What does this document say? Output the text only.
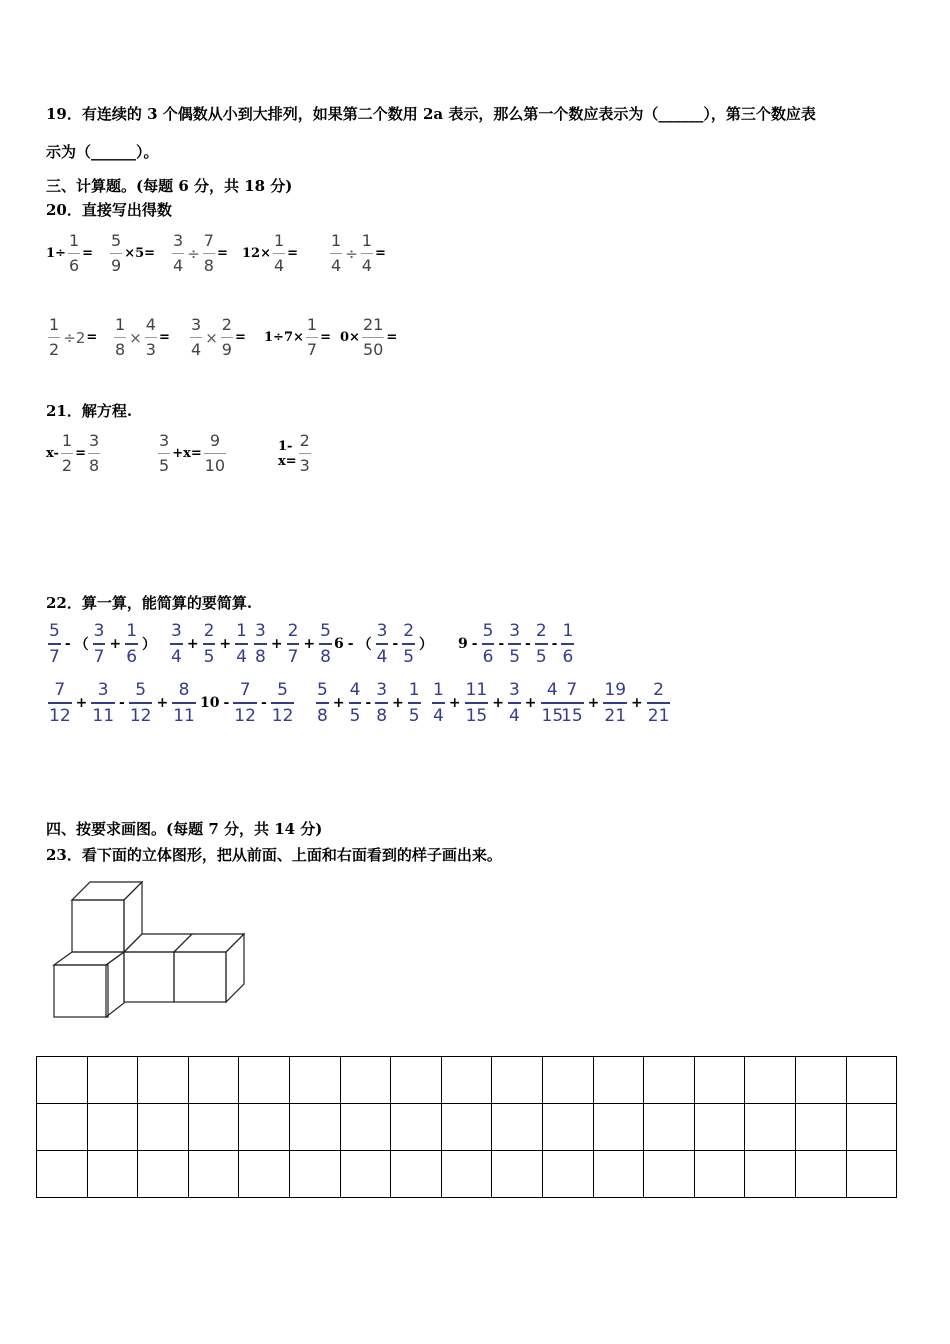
19．有连续的 3 个偶数从小到大排列，如果第二个数用 2a 表示，那么第一个数应表示为（______），第三个数应表
示为（______）。
三、计算题。(每题 6 分，共 18 分)
20．直接写出得数
1÷
1
6
=
5
9
×5=
3
4
÷
7
8
= 12×
1
4
=
1
4
÷
1
4
=
1
2
÷2 =
1
8
×
4
3
=
3
4
×
2
9
= 1÷7×
1
7
= 0×
21
50
=
21．解方程.
x-
1
2
=
3
8
3
5
+x=
9
10
1-x=
2
3
22．算一算，能简算的要简算.
5
7
- （
3
7
+
1
6
）
3
4
+
2
5
+
1
4
3
8
+
2
7
+
5
8
6 - （
3
4
-
2
5
） 9 -
5
6
-
3
5
-
2
5
-
1
6
7
12
+
3
11
-
5
12
+
8
11
10 -
7
12
-
5
12
5
8
+
4
5
-
3
8
+
1
5
1
4
+
11
15
+
3
4
+
4
15
7
15
+
19
21
+
2
21
四、按要求画图。(每题 7 分，共 14 分)
23．看下面的立体图形，把从前面、上面和右面看到的样子画出来。
